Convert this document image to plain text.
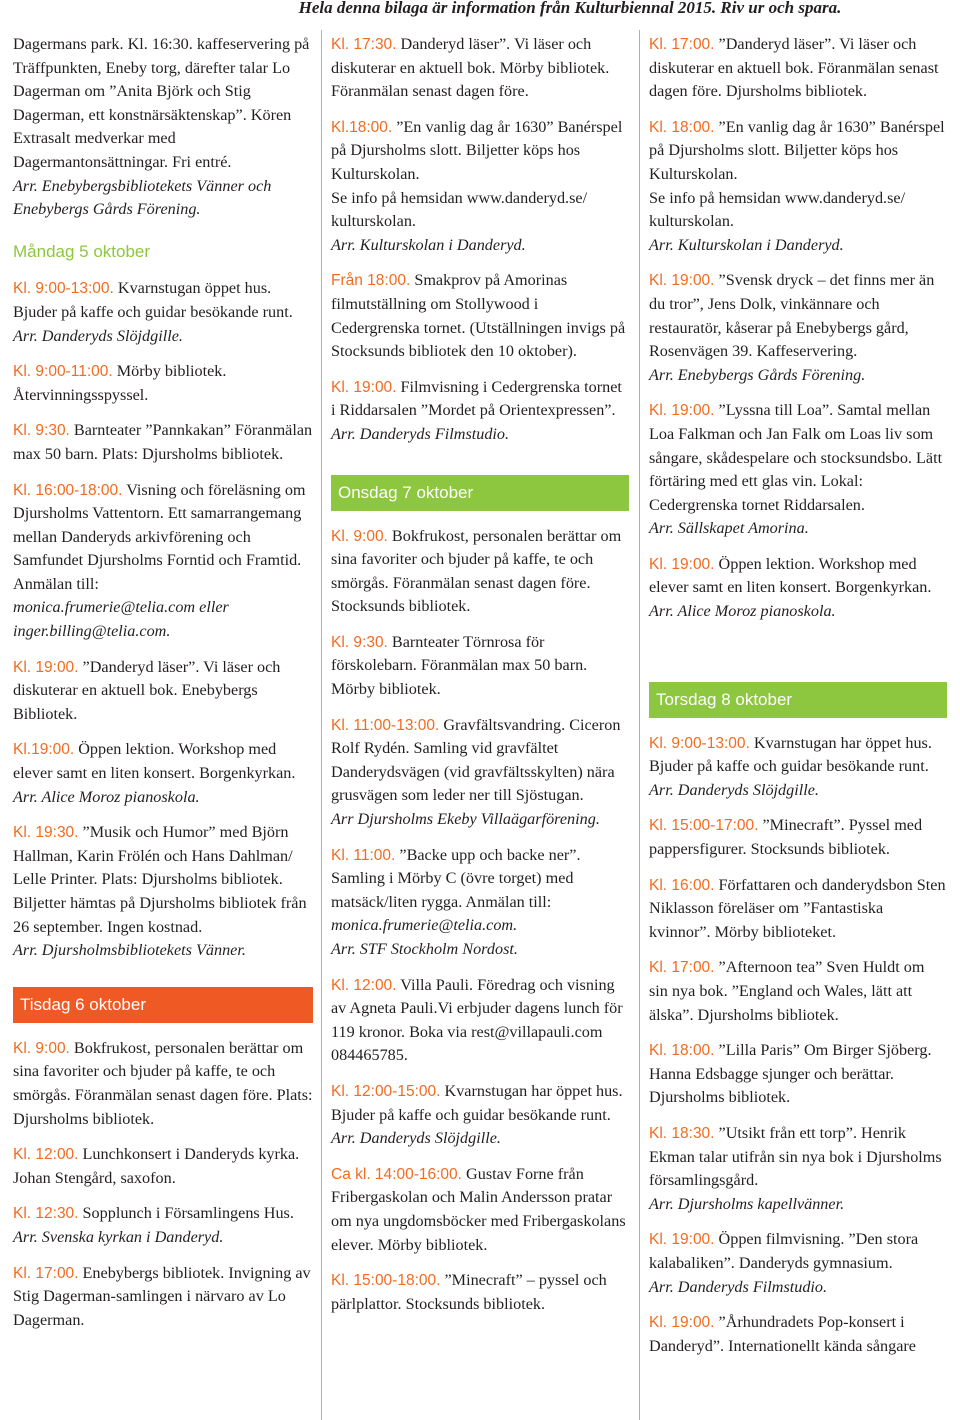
Hela denna bilaga är information från Kulturbiennal 2015. Riv ur och spara.

Dagermans park. Kl. 16:30. kaffeservering på Träffpunkten, Eneby torg, därefter talar Lo Dagerman om ”Anita Björk och Stig Dagerman, ett konstnärsäktenskap”. Kören Extrasalt medverkar med Dagermantonsättningar. Fri entré.

Arr. Enebybergsbibliotekets Vänner och Enebybergs Gårds Förening.

Måndag 5 oktober

Kl. 9:00-13:00. Kvarnstugan öppet hus. Bjuder på kaffe och guidar besökande runt.

Arr. Danderyds Slöjdgille.

Kl. 9:00-11:00. Mörby bibliotek. Återvinningsspyssel.

Kl. 9:30. Barnteater ”Pannkakan” Föranmälan max 50 barn. Plats: Djursholms bibliotek.

Kl. 16:00-18:00. Visning och föreläsning om Djursholms Vattentorn. Ett samarrangemang mellan Danderyds arkivförening och Samfundet Djursholms Forntid och Framtid. Anmälan till:

monica.frumerie@telia.com eller inger.billing@telia.com.

Kl. 19:00. ”Danderyd läser”. Vi läser och diskuterar en aktuell bok. Enebybergs Bibliotek.

Kl.19:00. Öppen lektion. Workshop med elever samt en liten konsert. Borgenkyrkan.

Arr. Alice Moroz pianoskola.

Kl. 19:30. ”Musik och Humor” med Björn Hallman, Karin Frölén och Hans Dahlman/ Lelle Printer. Plats: Djursholms bibliotek. Biljetter hämtas på Djursholms bibliotek från 26 september. Ingen kostnad.

Arr. Djursholmsbibliotekets Vänner.

Tisdag 6 oktober

Kl. 9:00. Bokfrukost, personalen berättar om sina favoriter och bjuder på kaffe, te och smörgås. Föranmälan senast dagen före. Plats: Djursholms bibliotek.

Kl. 12:00. Lunchkonsert i Danderyds kyrka. Johan Stengård, saxofon.

Kl. 12:30. Sopplunch i Församlingens Hus.

Arr. Svenska kyrkan i Danderyd.

Kl. 17:00. Enebybergs bibliotek. Invigning av Stig Dagerman-samlingen i närvaro av Lo Dagerman.

Kl. 17:30. Danderyd läser”. Vi läser och diskuterar en aktuell bok. Mörby bibliotek. Föranmälan senast dagen före.

Kl.18:00. ”En vanlig dag år 1630” Banérspel på Djursholms slott. Biljetter köps hos Kulturskolan.

Se info på hemsidan www.danderyd.se/ kulturskolan.

Arr. Kulturskolan i Danderyd.

Från 18:00. Smakprov på Amorinas filmutställning om Stollywood i Cedergrenska tornet. (Utställningen invigs på Stocksunds bibliotek den 10 oktober).

Kl. 19:00. Filmvisning i Cedergrenska tornet i Riddarsalen ”Mordet på Orientexpressen”.

Arr. Danderyds Filmstudio.

Onsdag 7 oktober

Kl. 9:00. Bokfrukost, personalen berättar om sina favoriter och bjuder på kaffe, te och smörgås. Föranmälan senast dagen före. Stocksunds bibliotek.

Kl. 9:30. Barnteater Törnrosa för förskolebarn. Föranmälan max 50 barn. Mörby bibliotek.

Kl. 11:00-13:00. Gravfältsvandring. Ciceron Rolf Rydén. Samling vid gravfältet Danderydsvägen (vid gravfältsskylten) nära grusvägen som leder ner till Sjöstugan.

Arr Djursholms Ekeby Villaägarförening.

Kl. 11:00. ”Backe upp och backe ner”. Samling i Mörby C (övre torget) med matsäck/liten rygga. Anmälan till:

monica.frumerie@telia.com.

Arr. STF Stockholm Nordost.

Kl. 12:00. Villa Pauli. Föredrag och visning av Agneta Pauli.Vi erbjuder dagens lunch för 119 kronor. Boka via rest@villapauli.com 084465785.

Kl. 12:00-15:00. Kvarnstugan har öppet hus. Bjuder på kaffe och guidar besökande runt.

Arr. Danderyds Slöjdgille.

Ca kl. 14:00-16:00. Gustav Forne från Fribergaskolan och Malin Andersson pratar om nya ungdomsböcker med Fribergaskolans elever. Mörby bibliotek.

Kl. 15:00-18:00. ”Minecraft” – pyssel och pärlplattor. Stocksunds bibliotek.

Kl. 17:00. ”Danderyd läser”. Vi läser och diskuterar en aktuell bok. Föranmälan senast dagen före. Djursholms bibliotek.

Kl. 18:00. ”En vanlig dag år 1630” Banérspel på Djursholms slott. Biljetter köps hos Kulturskolan.

Se info på hemsidan www.danderyd.se/ kulturskolan.

Arr. Kulturskolan i Danderyd.

Kl. 19:00. ”Svensk dryck – det finns mer än du tror”, Jens Dolk, vinkännare och restauratör, kåserar på Enebybergs gård, Rosenvägen 39. Kaffeservering.

Arr. Enebybergs Gårds Förening.

Kl. 19:00. ”Lyssna till Loa”. Samtal mellan Loa Falkman och Jan Falk om Loas liv som sångare, skådespelare och stocksundsbo. Lätt förtäring med ett glas vin. Lokal: Cedergrenska tornet Riddarsalen.

Arr. Sällskapet Amorina.

Kl. 19:00. Öppen lektion. Workshop med elever samt en liten konsert. Borgenkyrkan.

Arr. Alice Moroz pianoskola.

Torsdag 8 oktober

Kl. 9:00-13:00. Kvarnstugan har öppet hus. Bjuder på kaffe och guidar besökande runt.

Arr. Danderyds Slöjdgille.

Kl. 15:00-17:00. ”Minecraft”. Pyssel med pappersfigurer. Stocksunds bibliotek.

Kl. 16:00. Författaren och danderydsbon Sten Niklasson föreläser om ”Fantastiska kvinnor”. Mörby biblioteket.

Kl. 17:00. ”Afternoon tea” Sven Huldt om sin nya bok. ”England och Wales, lätt att älska”. Djursholms bibliotek.

Kl. 18:00. ”Lilla Paris” Om Birger Sjöberg. Hanna Edsbagge sjunger och berättar. Djursholms bibliotek.

Kl. 18:30. ”Utsikt från ett torp”. Henrik Ekman talar utifrån sin nya bok i Djursholms församlingsgård.

Arr. Djursholms kapellvänner.

Kl. 19:00. Öppen filmvisning. ”Den stora kalabaliken”. Danderyds gymnasium.

Arr. Danderyds Filmstudio.

Kl. 19:00. ”Århundradets Pop-konsert i Danderyd”. Internationellt kända sångare
